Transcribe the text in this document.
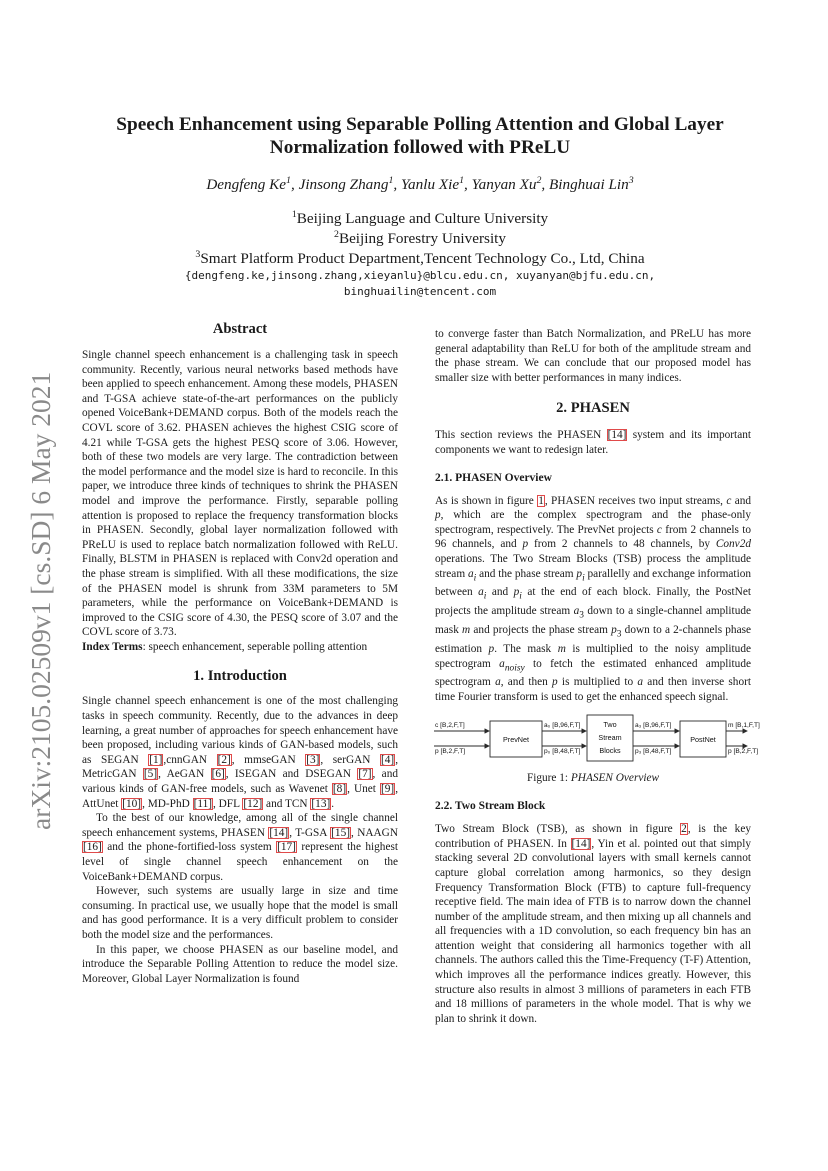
arXiv:2105.02509v1 [cs.SD] 6 May 2021
Speech Enhancement using Separable Polling Attention and Global Layer
Normalization followed with PReLU

Dengfeng Ke$^1$, Jinsong Zhang$^1$, Yanlu Xie$^1$, Yanyan Xu$^2$, Binghuai Lin$^3$

$^1$Beijing Language and Culture University
$^2$Beijing Forestry University
$^3$Smart Platform Product Department,Tencent Technology Co., Ltd, China

{dengfeng.ke,jinsong.zhang,xieyanlu}@blcu.edu.cn, xuyanyan@bjfu.edu.cn,
binghuailin@tencent.com

Abstract

Single channel speech enhancement is a challenging task in speech community. Recently, various neural networks based methods have been applied to speech enhancement. Among these models, PHASEN and T-GSA achieve state-of-the-art performances on the publicly opened VoiceBank+DEMAND corpus. Both of the models reach the COVL score of 3.62. PHASEN achieves the highest CSIG score of 4.21 while T-GSA gets the highest PESQ score of 3.06. However, both of these two models are very large. The contradiction between the model performance and the model size is hard to reconcile. In this paper, we introduce three kinds of techniques to shrink the PHASEN model and improve the performance. Firstly, separable polling attention is proposed to replace the frequency transformation blocks in PHASEN. Secondly, global layer normalization followed with PReLU is used to replace batch normalization followed with ReLU. Finally, BLSTM in PHASEN is replaced with Conv2d operation and the phase stream is simplified. With all these modifications, the size of the PHASEN model is shrunk from 33M parameters to 5M parameters, while the performance on VoiceBank+DEMAND is improved to the CSIG score of 4.30, the PESQ score of 3.07 and the COVL score of 3.73.

Index Terms: speech enhancement, seperable polling attention

1. Introduction

Single channel speech enhancement is one of the most challenging tasks in speech community. Recently, due to the advances in deep learning, a great number of approaches for speech enhancement have been proposed, including various kinds of GAN-based models, such as SEGAN [1],cnnGAN [2], mmseGAN [3], serGAN [4], MetricGAN [5], AeGAN [6], ISEGAN and DSEGAN [7], and various kinds of GAN-free models, such as Wavenet [8], Unet [9], AttUnet [10], MD-PhD [11], DFL [12] and TCN [13].

To the best of our knowledge, among all of the single channel speech enhancement systems, PHASEN [14], T-GSA [15], NAAGN [16] and the phone-fortified-loss system [17] represent the highest level of single channel speech enhancement on the VoiceBank+DEMAND corpus.

However, such systems are usually large in size and time consuming. In practical use, we usually hope that the model is small and has good performance. It is a very difficult problem to consider both the model size and the performances.

In this paper, we choose PHASEN as our baseline model, and introduce the Separable Polling Attention to reduce the model size. Moreover, Global Layer Normalization is found

to converge faster than Batch Normalization, and PReLU has more general adaptability than ReLU for both of the amplitude stream and the phase stream. We can conclude that our proposed model has smaller size with better performances in many indices.

2. PHASEN

This section reviews the PHASEN [14] system and its important components we want to redesign later.

2.1. PHASEN Overview

As is shown in figure 1, PHASEN receives two input streams, c and p, which are the complex spectrogram and the phase-only spectrogram, respectively. The PrevNet projects c from 2 channels to 96 channels, and p from 2 channels to 48 channels, by Conv2d operations. The Two Stream Blocks (TSB) process the amplitude stream $a_i$ and the phase stream $p_i$ parallelly and exchange information between $a_i$ and $p_i$ at the end of each block. Finally, the PostNet projects the amplitude stream $a_3$ down to a single-channel amplitude mask m and projects the phase stream $p_3$ down to a 2-channels phase estimation p. The mask m is multiplied to the noisy amplitude spectrogram $a_{noisy}$ to fetch the estimated enhanced amplitude spectrogram a, and then p is multiplied to a and then inverse short time Fourier transform is used to get the enhanced speech signal.

c [B,2,F,T]
p [B,2,F,T]
PrevNet
a₀ [B,96,F,T]
p₀ [B,48,F,T]
Two
Stream
Blocks
a₃ [B,96,F,T]
p₃ [B,48,F,T]
PostNet
m [B,1,F,T]
p [B,2,F,T]

Figure 1: PHASEN Overview

2.2. Two Stream Block

Two Stream Block (TSB), as shown in figure 2, is the key contribution of PHASEN. In [14], Yin et al. pointed out that simply stacking several 2D convolutional layers with small kernels cannot capture global correlation among harmonics, so they design Frequency Transformation Block (FTB) to capture full-frequency receptive field. The main idea of FTB is to narrow down the channel number of the amplitude stream, and then mixing up all channels and all frequencies with a 1D convolution, so each frequency bin has an attention weight that considering all harmonics together with all channels. The authors called this the Time-Frequency (T-F) Attention, which improves all the performance indices greatly. However, this structure also results in almost 3 millions of parameters in each FTB and 18 millions of parameters in the whole model. That is why we plan to shrink it down.
